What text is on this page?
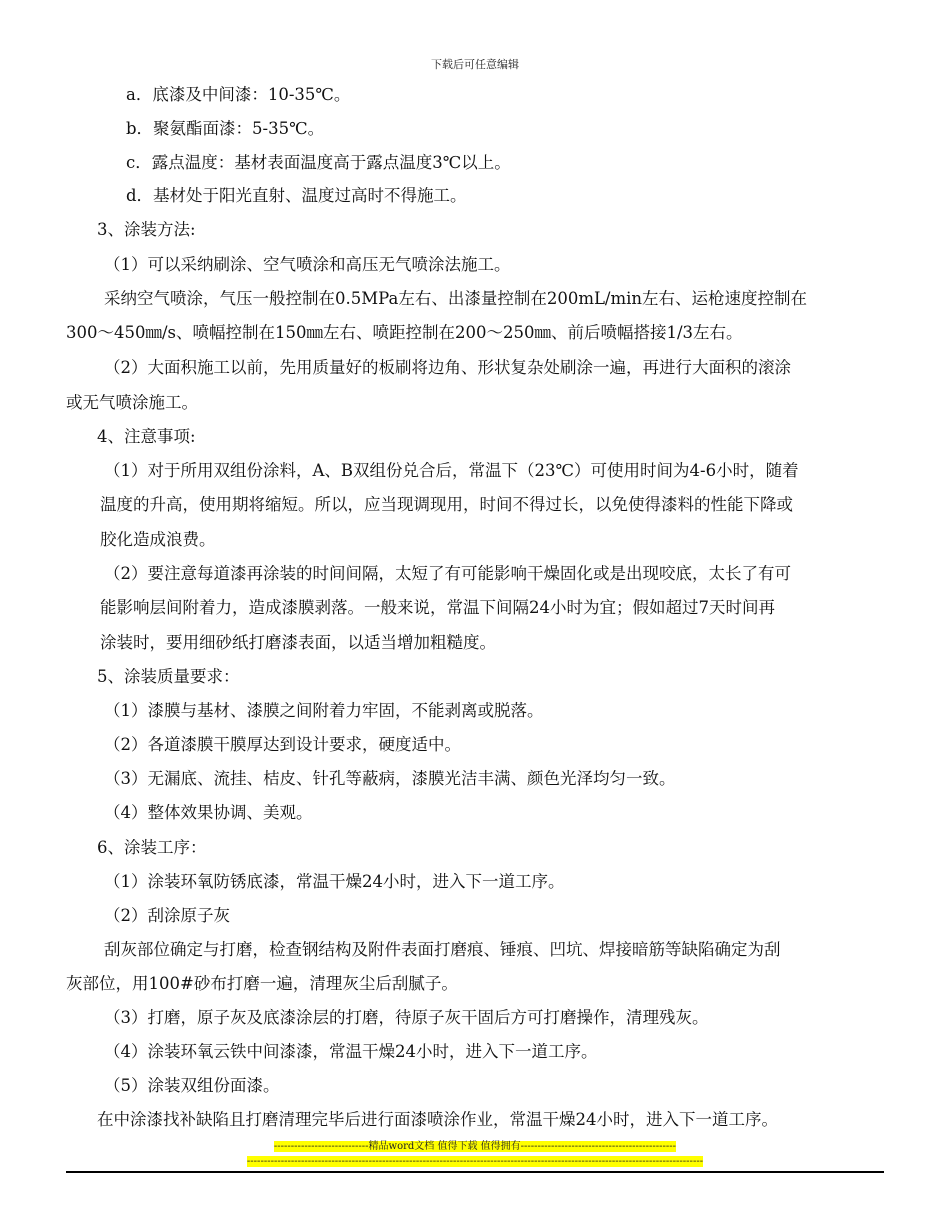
下载后可任意编辑
a．底漆及中间漆：10-35℃。
b．聚氨酯面漆：5-35℃。
c．露点温度：基材表面温度高于露点温度3℃以上。
d．基材处于阳光直射、温度过高时不得施工。
3、涂装方法:
（1）可以采纳刷涂、空气喷涂和高压无气喷涂法施工。
采纳空气喷涂，气压一般控制在0.5MPa左右、出漆量控制在200mL/min左右、运枪速度控制在
300～450㎜/s、喷幅控制在150㎜左右、喷距控制在200～250㎜、前后喷幅搭接1/3左右。
（2）大面积施工以前，先用质量好的板刷将边角、形状复杂处刷涂一遍，再进行大面积的滚涂
或无气喷涂施工。
4、注意事项:
（1）对于所用双组份涂料，A、B双组份兑合后，常温下（23℃）可使用时间为4-6小时，随着
温度的升高，使用期将缩短。所以，应当现调现用，时间不得过长，以免使得漆料的性能下降或
胶化造成浪费。
（2）要注意每道漆再涂装的时间间隔，太短了有可能影响干燥固化或是出现咬底，太长了有可
能影响层间附着力，造成漆膜剥落。一般来说，常温下间隔24小时为宜；假如超过7天时间再
涂装时，要用细砂纸打磨漆表面，以适当增加粗糙度。
5、涂装质量要求：
（1）漆膜与基材、漆膜之间附着力牢固，不能剥离或脱落。
（2）各道漆膜干膜厚达到设计要求，硬度适中。
（3）无漏底、流挂、桔皮、针孔等蔽病，漆膜光洁丰满、颜色光泽均匀一致。
（4）整体效果协调、美观。
6、涂装工序：
（1）涂装环氧防锈底漆，常温干燥24小时，进入下一道工序。
（2）刮涂原子灰
刮灰部位确定与打磨，检查钢结构及附件表面打磨痕、锤痕、凹坑、焊接暗筋等缺陷确定为刮
灰部位，用100#砂布打磨一遍，清理灰尘后刮腻子。
（3）打磨，原子灰及底漆涂层的打磨，待原子灰干固后方可打磨操作，清理残灰。
（4）涂装环氧云铁中间漆漆，常温干燥24小时，进入下一道工序。
（5）涂装双组份面漆。
在中涂漆找补缺陷且打磨清理完毕后进行面漆喷涂作业，常温干燥24小时，进入下一道工序。
----------------------------精品word文档 值得下载 值得拥有----------------------------------------------
---------------------------------------------------------------------------------------------------------------------------------------
